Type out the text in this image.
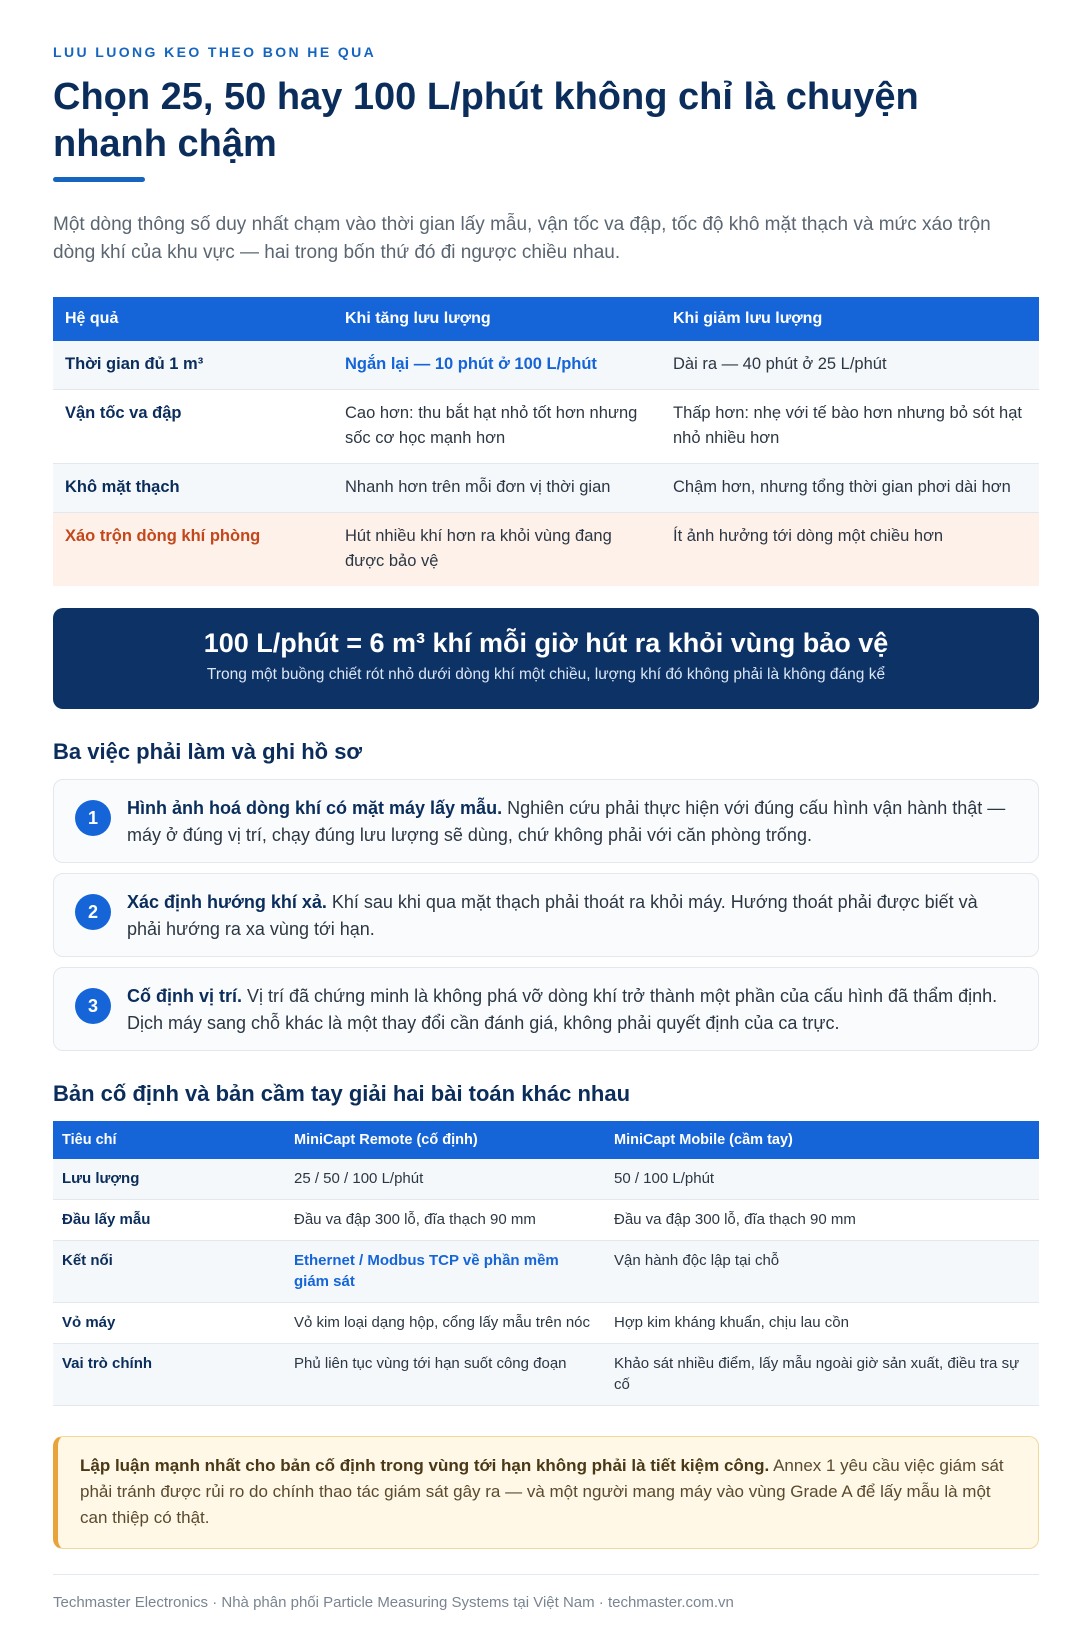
LUU LUONG KEO THEO BON HE QUA
Chọn 25, 50 hay 100 L/phút không chỉ là chuyện nhanh chậm

Một dòng thông số duy nhất chạm vào thời gian lấy mẫu, vận tốc va đập, tốc độ khô mặt thạch và mức xáo trộn dòng khí của khu vực — hai trong bốn thứ đó đi ngược chiều nhau.

Hệ quả	Khi tăng lưu lượng	Khi giảm lưu lượng
Thời gian đủ 1 m³	Ngắn lại — 10 phút ở 100 L/phút	Dài ra — 40 phút ở 25 L/phút
Vận tốc va đập	Cao hơn: thu bắt hạt nhỏ tốt hơn nhưng sốc cơ học mạnh hơn	Thấp hơn: nhẹ với tế bào hơn nhưng bỏ sót hạt nhỏ nhiều hơn
Khô mặt thạch	Nhanh hơn trên mỗi đơn vị thời gian	Chậm hơn, nhưng tổng thời gian phơi dài hơn
Xáo trộn dòng khí phòng	Hút nhiều khí hơn ra khỏi vùng đang được bảo vệ	Ít ảnh hưởng tới dòng một chiều hơn
100 L/phút = 6 m³ khí mỗi giờ hút ra khỏi vùng bảo vệ
Trong một buồng chiết rót nhỏ dưới dòng khí một chiều, lượng khí đó không phải là không đáng kể
Ba việc phải làm và ghi hồ sơ
1	Hình ảnh hoá dòng khí có mặt máy lấy mẫu. Nghiên cứu phải thực hiện với đúng cấu hình vận hành thật — máy ở đúng vị trí, chạy đúng lưu lượng sẽ dùng, chứ không phải với căn phòng trống.
2	Xác định hướng khí xả. Khí sau khi qua mặt thạch phải thoát ra khỏi máy. Hướng thoát phải được biết và phải hướng ra xa vùng tới hạn.
3	Cố định vị trí. Vị trí đã chứng minh là không phá vỡ dòng khí trở thành một phần của cấu hình đã thẩm định. Dịch máy sang chỗ khác là một thay đổi cần đánh giá, không phải quyết định của ca trực.
Bản cố định và bản cầm tay giải hai bài toán khác nhau
Tiêu chí	MiniCapt Remote (cố định)	MiniCapt Mobile (cầm tay)
Lưu lượng	25 / 50 / 100 L/phút	50 / 100 L/phút
Đầu lấy mẫu	Đầu va đập 300 lỗ, đĩa thạch 90 mm	Đầu va đập 300 lỗ, đĩa thạch 90 mm
Kết nối	Ethernet / Modbus TCP về phần mềm giám sát	Vận hành độc lập tại chỗ
Vỏ máy	Vỏ kim loại dạng hộp, cổng lấy mẫu trên nóc	Hợp kim kháng khuẩn, chịu lau cồn
Vai trò chính	Phủ liên tục vùng tới hạn suốt công đoạn	Khảo sát nhiều điểm, lấy mẫu ngoài giờ sản xuất, điều tra sự cố
Lập luận mạnh nhất cho bản cố định trong vùng tới hạn không phải là tiết kiệm công. Annex 1 yêu cầu việc giám sát phải tránh được rủi ro do chính thao tác giám sát gây ra — và một người mang máy vào vùng Grade A để lấy mẫu là một can thiệp có thật.
Techmaster Electronics · Nhà phân phối Particle Measuring Systems tại Việt Nam · techmaster.com.vn
